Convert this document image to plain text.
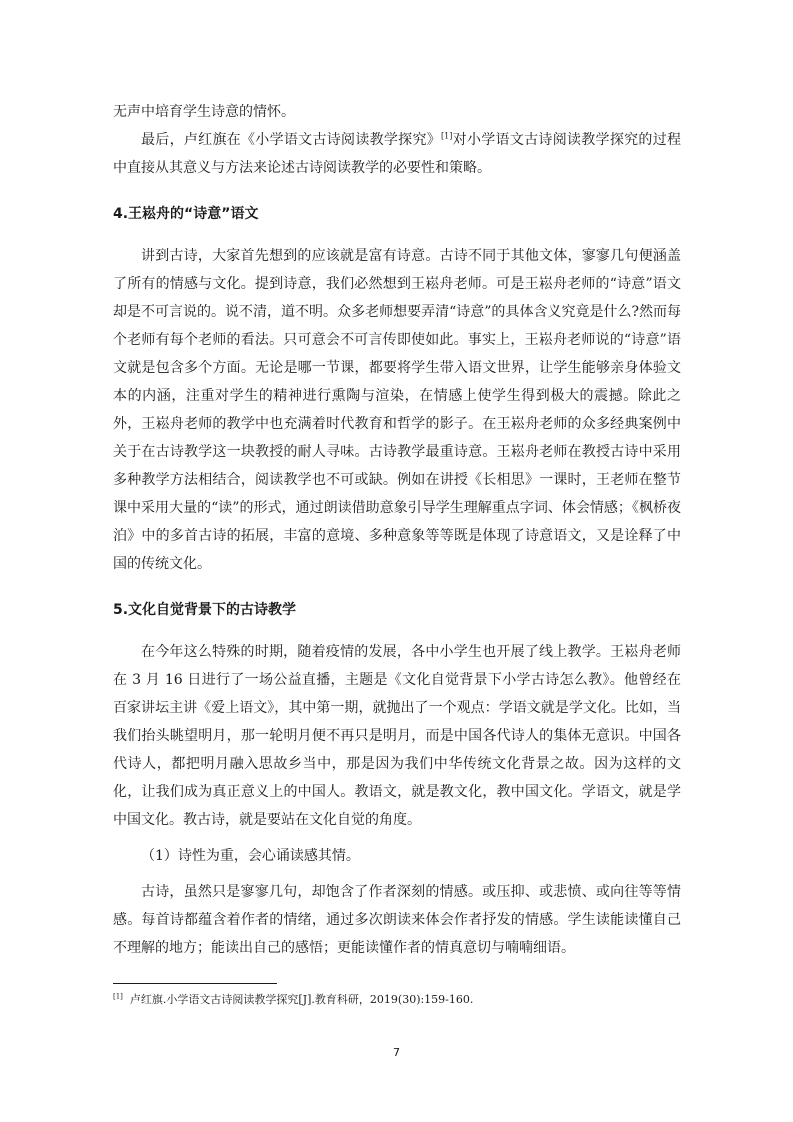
无声中培育学生诗意的情怀。

最后，卢红旗在《小学语文古诗阅读教学探究》[1]对小学语文古诗阅读教学探究的过程中直接从其意义与方法来论述古诗阅读教学的必要性和策略。

4.王崧舟的“诗意”语文

讲到古诗，大家首先想到的应该就是富有诗意。古诗不同于其他文体，寥寥几句便涵盖了所有的情感与文化。提到诗意，我们必然想到王崧舟老师。可是王崧舟老师的“诗意”语文却是不可言说的。说不清，道不明。众多老师想要弄清“诗意”的具体含义究竟是什么?然而每个老师有每个老师的看法。只可意会不可言传即使如此。事实上，王崧舟老师说的“诗意”语文就是包含多个方面。无论是哪一节课，都要将学生带入语文世界，让学生能够亲身体验文本的内涵，注重对学生的精神进行熏陶与渲染，在情感上使学生得到极大的震撼。除此之外，王崧舟老师的教学中也充满着时代教育和哲学的影子。在王崧舟老师的众多经典案例中关于在古诗教学这一块教授的耐人寻味。古诗教学最重诗意。王崧舟老师在教授古诗中采用多种教学方法相结合，阅读教学也不可或缺。例如在讲授《长相思》一课时，王老师在整节课中采用大量的“读”的形式，通过朗读借助意象引导学生理解重点字词、体会情感；《枫桥夜泊》中的多首古诗的拓展，丰富的意境、多种意象等等既是体现了诗意语文，又是诠释了中国的传统文化。

5.文化自觉背景下的古诗教学

在今年这么特殊的时期，随着疫情的发展，各中小学生也开展了线上教学。王崧舟老师在 3 月 16 日进行了一场公益直播，主题是《文化自觉背景下小学古诗怎么教》。他曾经在百家讲坛主讲《爱上语文》，其中第一期，就抛出了一个观点：学语文就是学文化。比如，当我们抬头眺望明月，那一轮明月便不再只是明月，而是中国各代诗人的集体无意识。中国各代诗人，都把明月融入思故乡当中，那是因为我们中华传统文化背景之故。因为这样的文化，让我们成为真正意义上的中国人。教语文，就是教文化，教中国文化。学语文，就是学中国文化。教古诗，就是要站在文化自觉的角度。

（1）诗性为重，会心诵读感其情。

古诗，虽然只是寥寥几句，却饱含了作者深刻的情感。或压抑、或悲愤、或向往等等情感。每首诗都蕴含着作者的情绪，通过多次朗读来体会作者抒发的情感。学生读能读懂自己不理解的地方；能读出自己的感悟；更能读懂作者的情真意切与喃喃细语。

[1] 卢红旗.小学语文古诗阅读教学探究[J].教育科研，2019(30):159-160.
7
